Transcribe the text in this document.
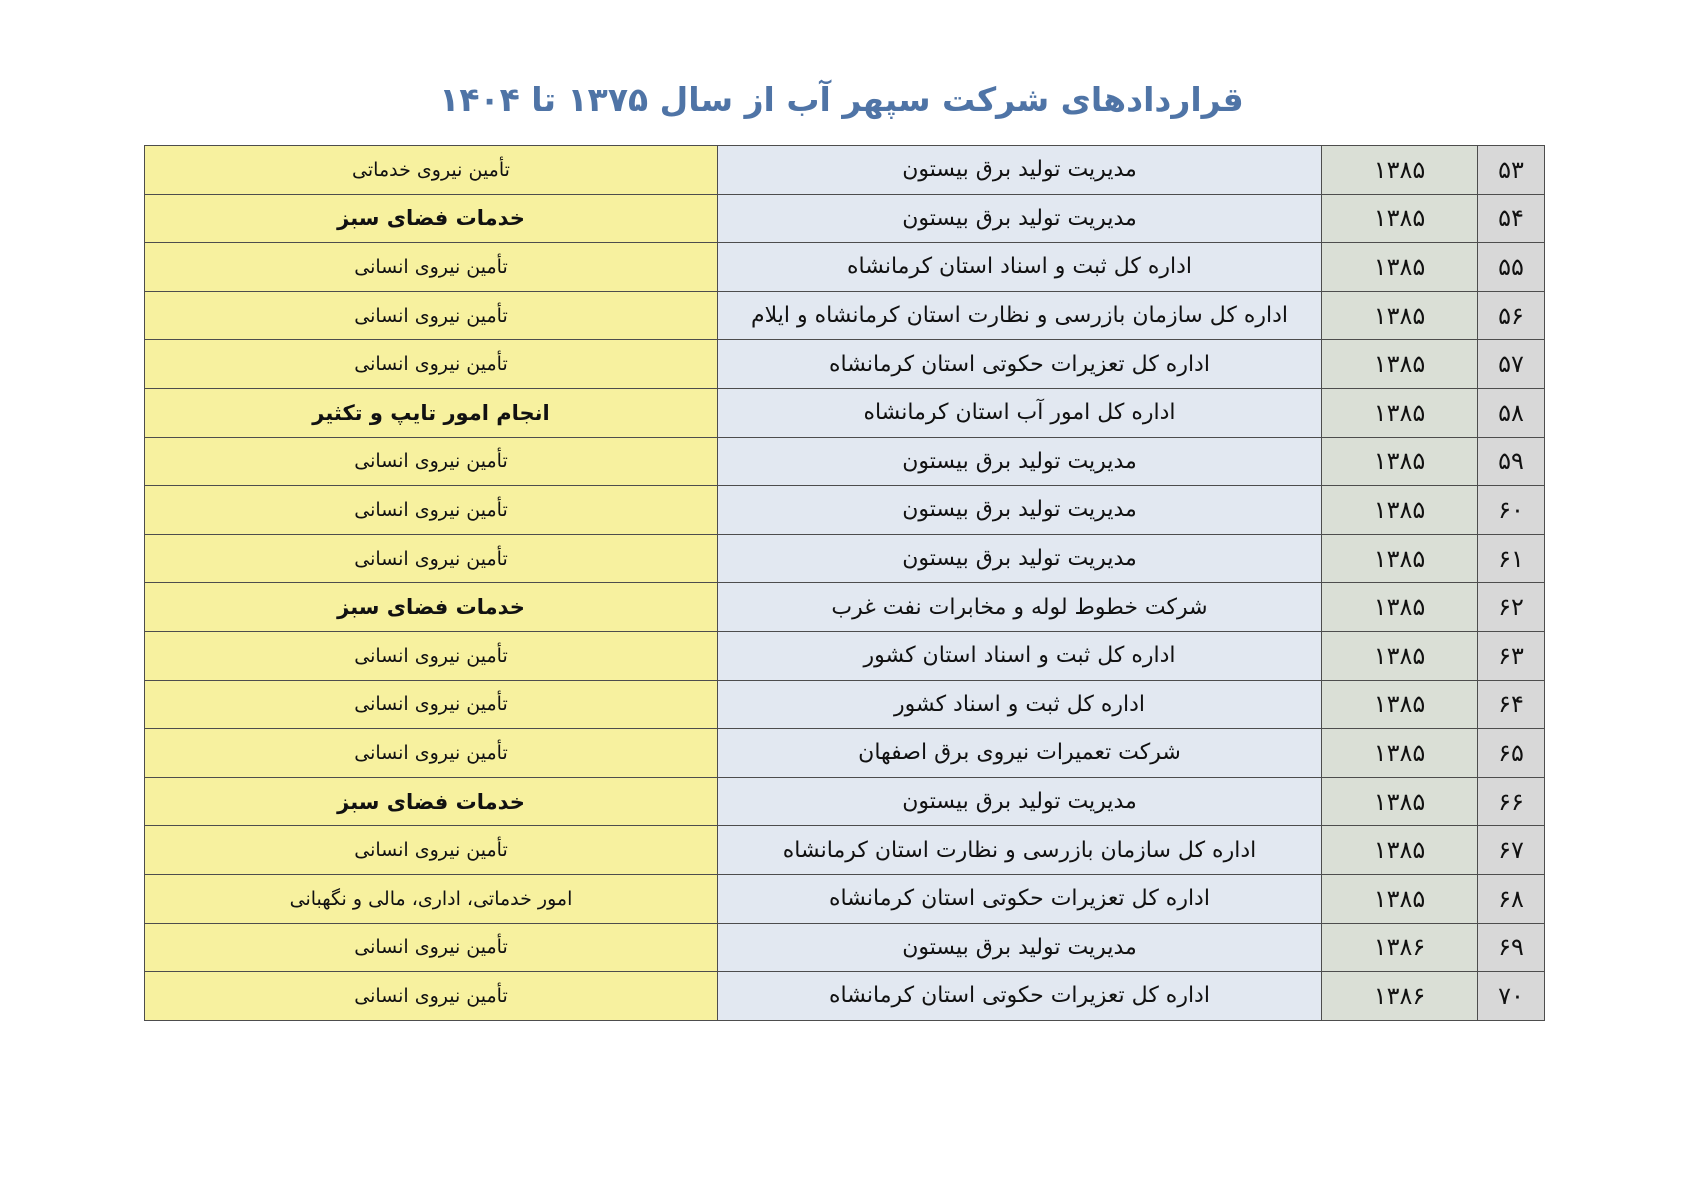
قراردادهای شرکت سپهر آب از سال ۱۳۷۵ تا ۱۴۰۴
۵۳	۱۳۸۵	مدیریت تولید برق بیستون	تأمین نیروی خدماتی
۵۴	۱۳۸۵	مدیریت تولید برق بیستون	خدمات فضای سبز
۵۵	۱۳۸۵	اداره کل ثبت و اسناد استان کرمانشاه	تأمین نیروی انسانی
۵۶	۱۳۸۵	اداره کل سازمان بازرسی و نظارت استان کرمانشاه و ایلام	تأمین نیروی انسانی
۵۷	۱۳۸۵	اداره کل تعزیرات حکوتی استان کرمانشاه	تأمین نیروی انسانی
۵۸	۱۳۸۵	اداره کل امور آب استان کرمانشاه	انجام امور تایپ و تکثیر
۵۹	۱۳۸۵	مدیریت تولید برق بیستون	تأمین نیروی انسانی
۶۰	۱۳۸۵	مدیریت تولید برق بیستون	تأمین نیروی انسانی
۶۱	۱۳۸۵	مدیریت تولید برق بیستون	تأمین نیروی انسانی
۶۲	۱۳۸۵	شرکت خطوط لوله و مخابرات نفت غرب	خدمات فضای سبز
۶۳	۱۳۸۵	اداره کل ثبت و اسناد استان کشور	تأمین نیروی انسانی
۶۴	۱۳۸۵	اداره کل ثبت و اسناد کشور	تأمین نیروی انسانی
۶۵	۱۳۸۵	شرکت تعمیرات نیروی برق اصفهان	تأمین نیروی انسانی
۶۶	۱۳۸۵	مدیریت تولید برق بیستون	خدمات فضای سبز
۶۷	۱۳۸۵	اداره کل سازمان بازرسی و نظارت استان کرمانشاه	تأمین نیروی انسانی
۶۸	۱۳۸۵	اداره کل تعزیرات حکوتی استان کرمانشاه	امور خدماتی، اداری، مالی و نگهبانی
۶۹	۱۳۸۶	مدیریت تولید برق بیستون	تأمین نیروی انسانی
۷۰	۱۳۸۶	اداره کل تعزیرات حکوتی استان کرمانشاه	تأمین نیروی انسانی
